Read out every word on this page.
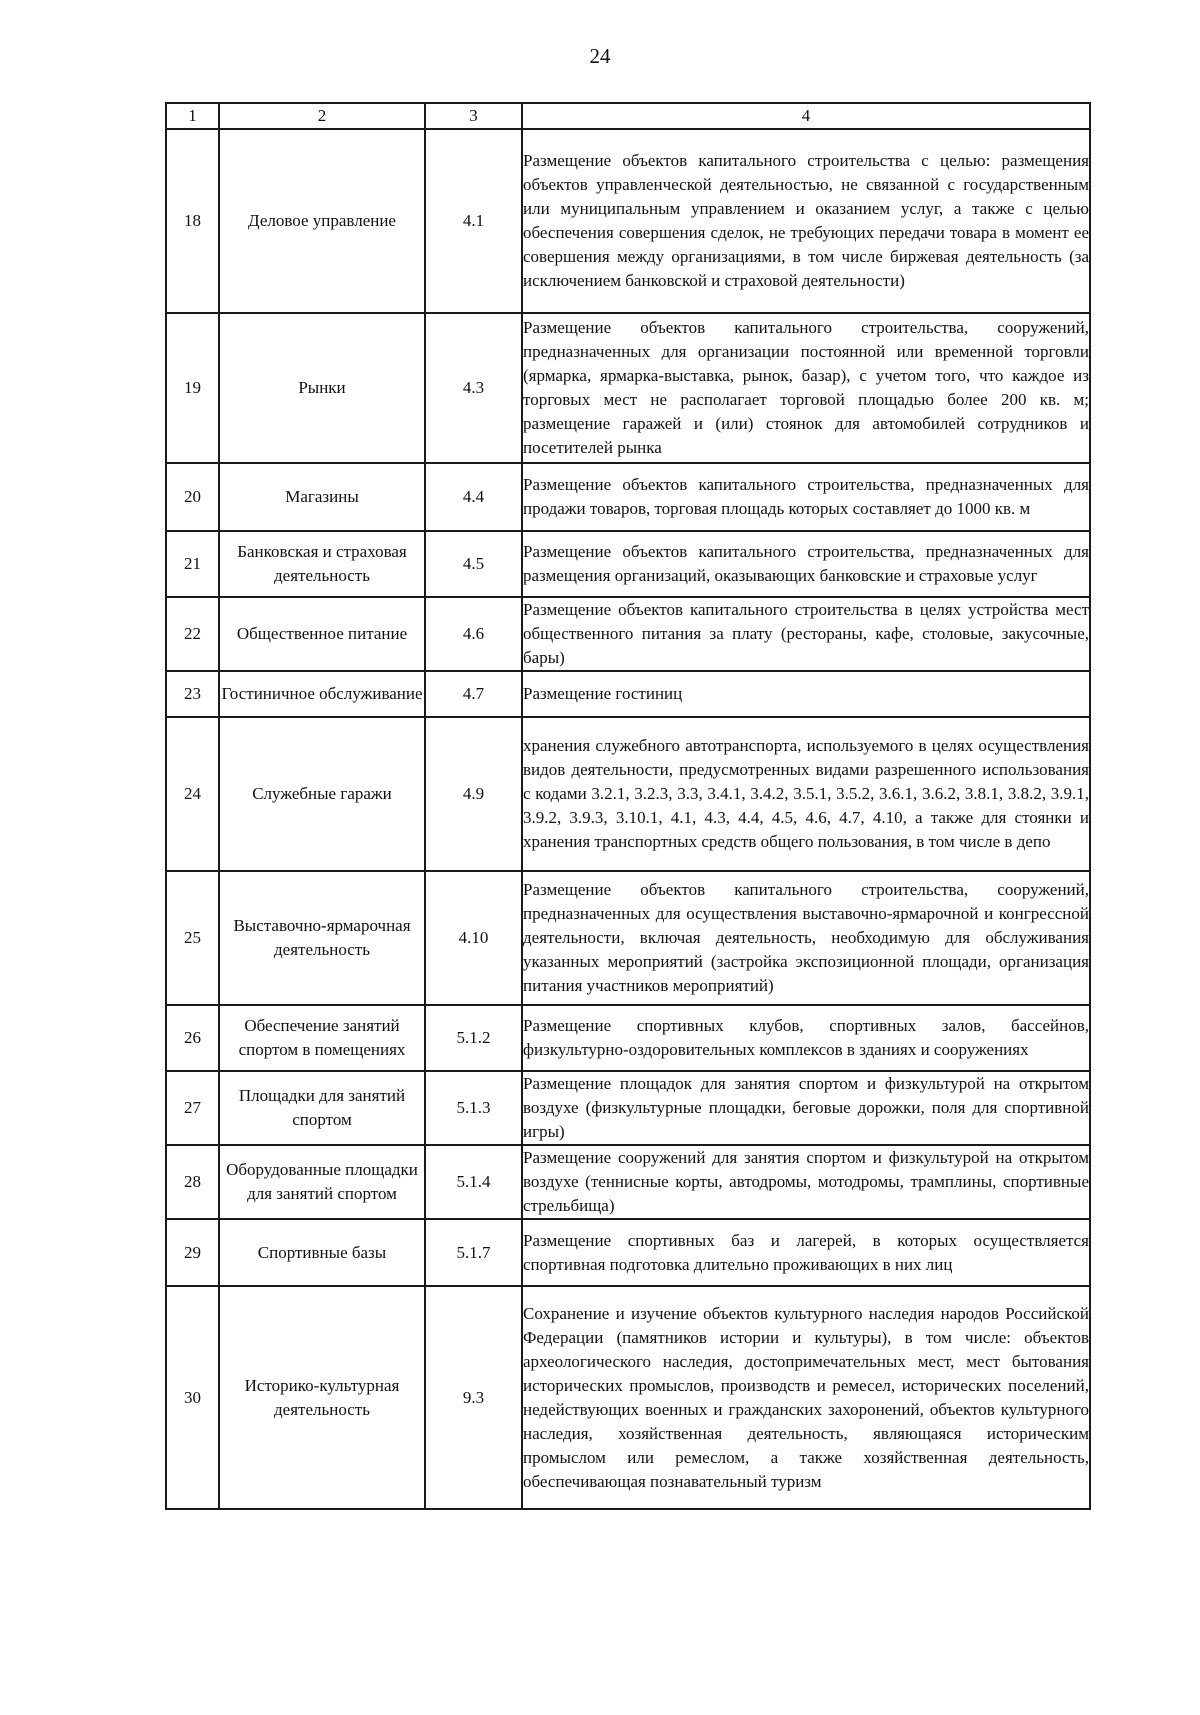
24
1	2	3	4
18	Деловое управление	4.1	Размещение объектов капитального строительства с целью: размещения объектов управленческой деятельностью, не связанной с государственным или муниципальным управлением и оказанием услуг, а также с целью обеспечения совершения сделок, не требующих передачи товара в момент ее совершения между организациями, в том числе биржевая деятельность (за исключением банковской и страховой деятельности)
19	Рынки	4.3	Размещение объектов капитального строительства, сооружений, предназначенных для организации постоянной или временной торговли (ярмарка, ярмарка-выставка, рынок, базар), с учетом того, что каждое из торговых мест не располагает торговой площадью более 200 кв. м; размещение гаражей и (или) стоянок для автомобилей сотрудников и посетителей рынка
20	Магазины	4.4	Размещение объектов капитального строительства, предназначенных для продажи товаров, торговая площадь которых составляет до 1000 кв. м
21	Банковская и страховая деятельность	4.5	Размещение объектов капитального строительства, предназначенных для размещения организаций, оказывающих банковские и страховые услуг
22	Общественное питание	4.6	Размещение объектов капитального строительства в целях устройства мест общественного питания за плату (рестораны, кафе, столовые, закусочные, бары)
23	Гостиничное обслуживание	4.7	Размещение гостиниц
24	Служебные гаражи	4.9	хранения служебного автотранспорта, используемого в целях осуществления видов деятельности, предусмотренных видами разрешенного использования с кодами 3.2.1, 3.2.3, 3.3, 3.4.1, 3.4.2, 3.5.1, 3.5.2, 3.6.1, 3.6.2, 3.8.1, 3.8.2, 3.9.1, 3.9.2, 3.9.3, 3.10.1, 4.1, 4.3, 4.4, 4.5, 4.6, 4.7, 4.10, а также для стоянки и хранения транспортных средств общего пользования, в том числе в депо
25	Выставочно-ярмарочная деятельность	4.10	Размещение объектов капитального строительства, сооружений, предназначенных для осуществления выставочно-ярмарочной и конгрессной деятельности, включая деятельность, необходимую для обслуживания указанных мероприятий (застройка экспозиционной площади, организация питания участников мероприятий)
26	Обеспечение занятий спортом в помещениях	5.1.2	Размещение спортивных клубов, спортивных залов, бассейнов, физкультурно-оздоровительных комплексов в зданиях и сооружениях
27	Площадки для занятий спортом	5.1.3	Размещение площадок для занятия спортом и физкультурой на открытом воздухе (физкультурные площадки, беговые дорожки, поля для спортивной игры)
28	Оборудованные площадки для занятий спортом	5.1.4	Размещение сооружений для занятия спортом и физкультурой на открытом воздухе (теннисные корты, автодромы, мотодромы, трамплины, спортивные стрельбища)
29	Спортивные базы	5.1.7	Размещение спортивных баз и лагерей, в которых осуществляется спортивная подготовка длительно проживающих в них лиц
30	Историко-культурная деятельность	9.3	Сохранение и изучение объектов культурного наследия народов Российской Федерации (памятников истории и культуры), в том числе: объектов археологического наследия, достопримечательных мест, мест бытования исторических промыслов, производств и ремесел, исторических поселений, недействующих военных и гражданских захоронений, объектов культурного наследия, хозяйственная деятельность, являющаяся историческим промыслом или ремеслом, а также хозяйственная деятельность, обеспечивающая познавательный туризм
